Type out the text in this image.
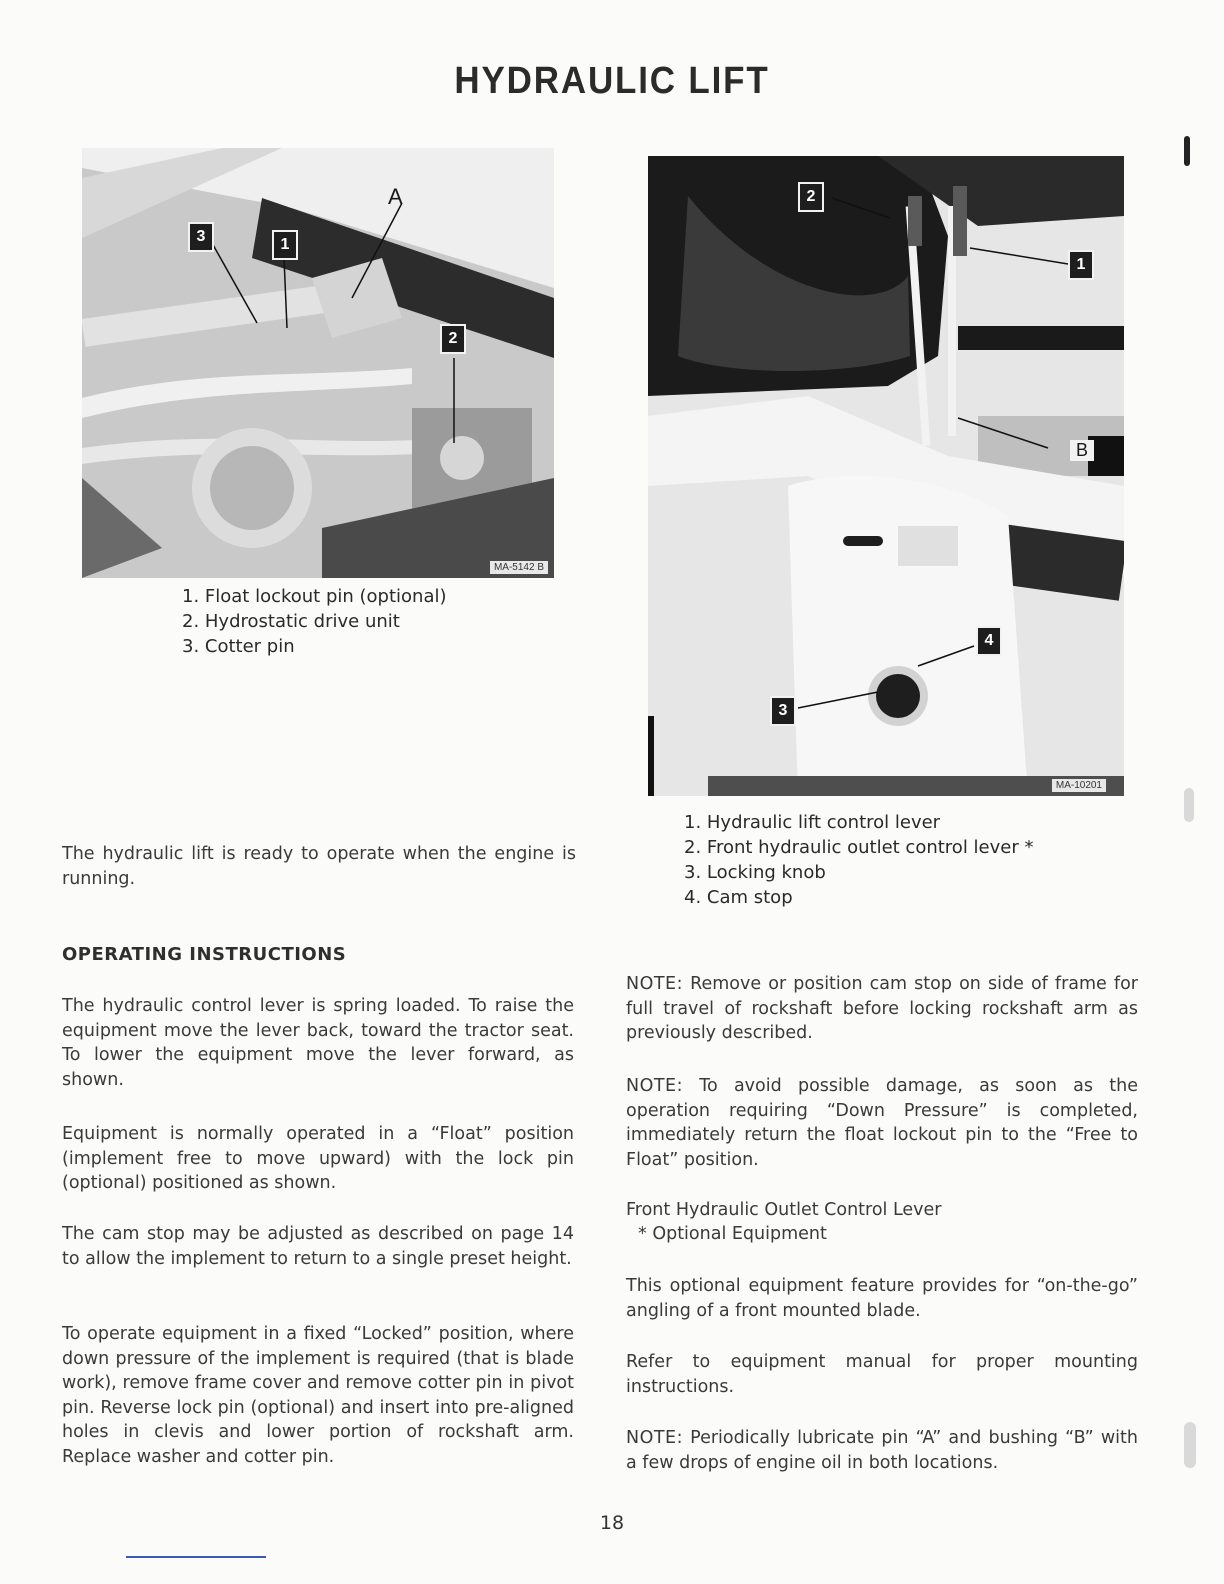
HYDRAULIC LIFT
3	1
2
A
MA-5142 B
1. Float lockout pin (optional)
2. Hydrostatic drive unit
3. Cotter pin
2
1
4
3
B
MA-10201
1. Hydraulic lift control lever
2. Front hydraulic outlet control lever *
3. Locking knob
4. Cam stop

The hydraulic lift is ready to operate when the engine is running.

OPERATING INSTRUCTIONS

The hydraulic control lever is spring loaded. To raise the equipment move the lever back, toward the tractor seat. To lower the equipment move the lever forward, as shown.

Equipment is normally operated in a “Float” position (implement free to move upward) with the lock pin (optional) positioned as shown.

The cam stop may be adjusted as described on page 14 to allow the implement to return to a single preset height.

To operate equipment in a fixed “Locked” position, where down pressure of the implement is required (that is blade work), remove frame cover and remove cotter pin in pivot pin. Reverse lock pin (optional) and insert into pre-aligned holes in clevis and lower portion of rockshaft arm. Replace washer and cotter pin.

NOTE: Remove or position cam stop on side of frame for full travel of rockshaft before locking rockshaft arm as previously described.

NOTE: To avoid possible damage, as soon as the operation requiring “Down Pressure” is completed, immediately return the float lockout pin to the “Free to Float” position.

Front Hydraulic Outlet Control Lever

* Optional Equipment

This optional equipment feature provides for “on-the-go” angling of a front mounted blade.

Refer to equipment manual for proper mounting instructions.

NOTE: Periodically lubricate pin “A” and bushing “B” with a few drops of engine oil in both locations.

18
